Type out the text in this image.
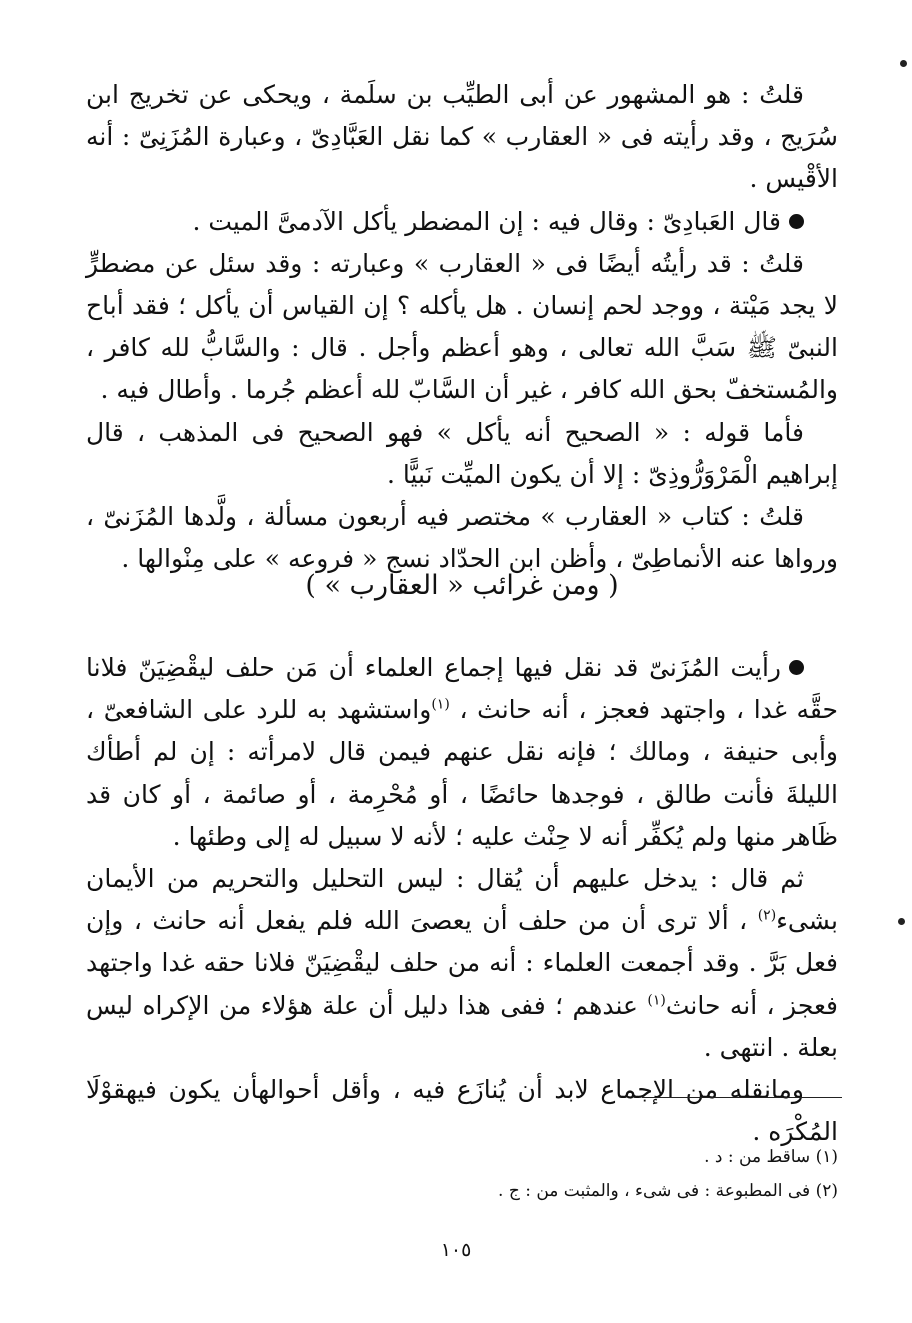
قلتُ : هو المشهور عن أبى الطيِّب بن سلَمة ، ويحكى عن تخريج ابن سُرَيج ، وقد رأيته فى « العقارب » كما نقل العَبَّادِىّ ، وعبارة المُزَنِىّ : أنه الأقْيس .

قال العَبادِىّ : وقال فيه : إن المضطر يأكل الآدمىَّ الميت .

قلتُ : قد رأيتُه أيضًا فى « العقارب » وعبارته : وقد سئل عن مضطرٍّ لا يجد مَيْتة ، ووجد لحم إنسان . هل يأكله ؟ إن القياس أن يأكل ؛ فقد أباح النبىّ ﷺ سَبَّ الله تعالى ، وهو أعظم وأجل . قال : والسَّابُّ لله كافر ، والمُستخفّ بحق الله كافر ، غير أن السَّابّ لله أعظم جُرما . وأطال فيه .

فأما قوله : « الصحيح أنه يأكل » فهو الصحيح فى المذهب ، قال إبراهيم الْمَرْوَرُّوذِىّ : إلا أن يكون الميِّت نَبيًّا .

قلتُ : كتاب « العقارب » مختصر فيه أربعون مسألة ، ولَّدها المُزَنىّ ، ورواها عنه الأنماطِىّ ، وأظن ابن الحدّاد نسج « فروعه » على مِنْوالها .

( ومن غرائب « العقارب » )

رأيت المُزَنىّ قد نقل فيها إجماع العلماء أن مَن حلف ليقْضِيَنّ فلانا حقَّه غدا ، واجتهد فعجز ، أنه حانث ، $^{(١)}$واستشهد به للرد على الشافعىّ ، وأبى حنيفة ، ومالك ؛ فإنه نقل عنهم فيمن قال لامرأته : إن لم أطأك الليلةَ فأنت طالق ، فوجدها حائضًا ، أو مُحْرِمة ، أو صائمة ، أو كان قد ظَاهر منها ولم يُكفِّر أنه لا حِنْث عليه ؛ لأنه لا سبيل له إلى وطئها .

ثم قال : يدخل عليهم أن يُقال : ليس التحليل والتحريم من الأيمان بشىء$^{(٢)}$ ، ألا ترى أن من حلف أن يعصىَ الله فلم يفعل أنه حانث ، وإن فعل بَرَّ . وقد أجمعت العلماء : أنه من حلف ليقْضِيَنّ فلانا حقه غدا واجتهد فعجز ، أنه حانث$^{(١)}$ عندهم ؛ ففى هذا دليل أن علة هؤلاء من الإكراه ليس بعلة . انتهى .

ومانقله من الإجماع لابد أن يُنازَع فيه ، وأقل أحوالهأن يكون فيهقوْلَا المُكْرَه .

(١) ساقط من : د .
(٢) فى المطبوعة : فى شىء ، والمثبت من : ج .
١٠٥
